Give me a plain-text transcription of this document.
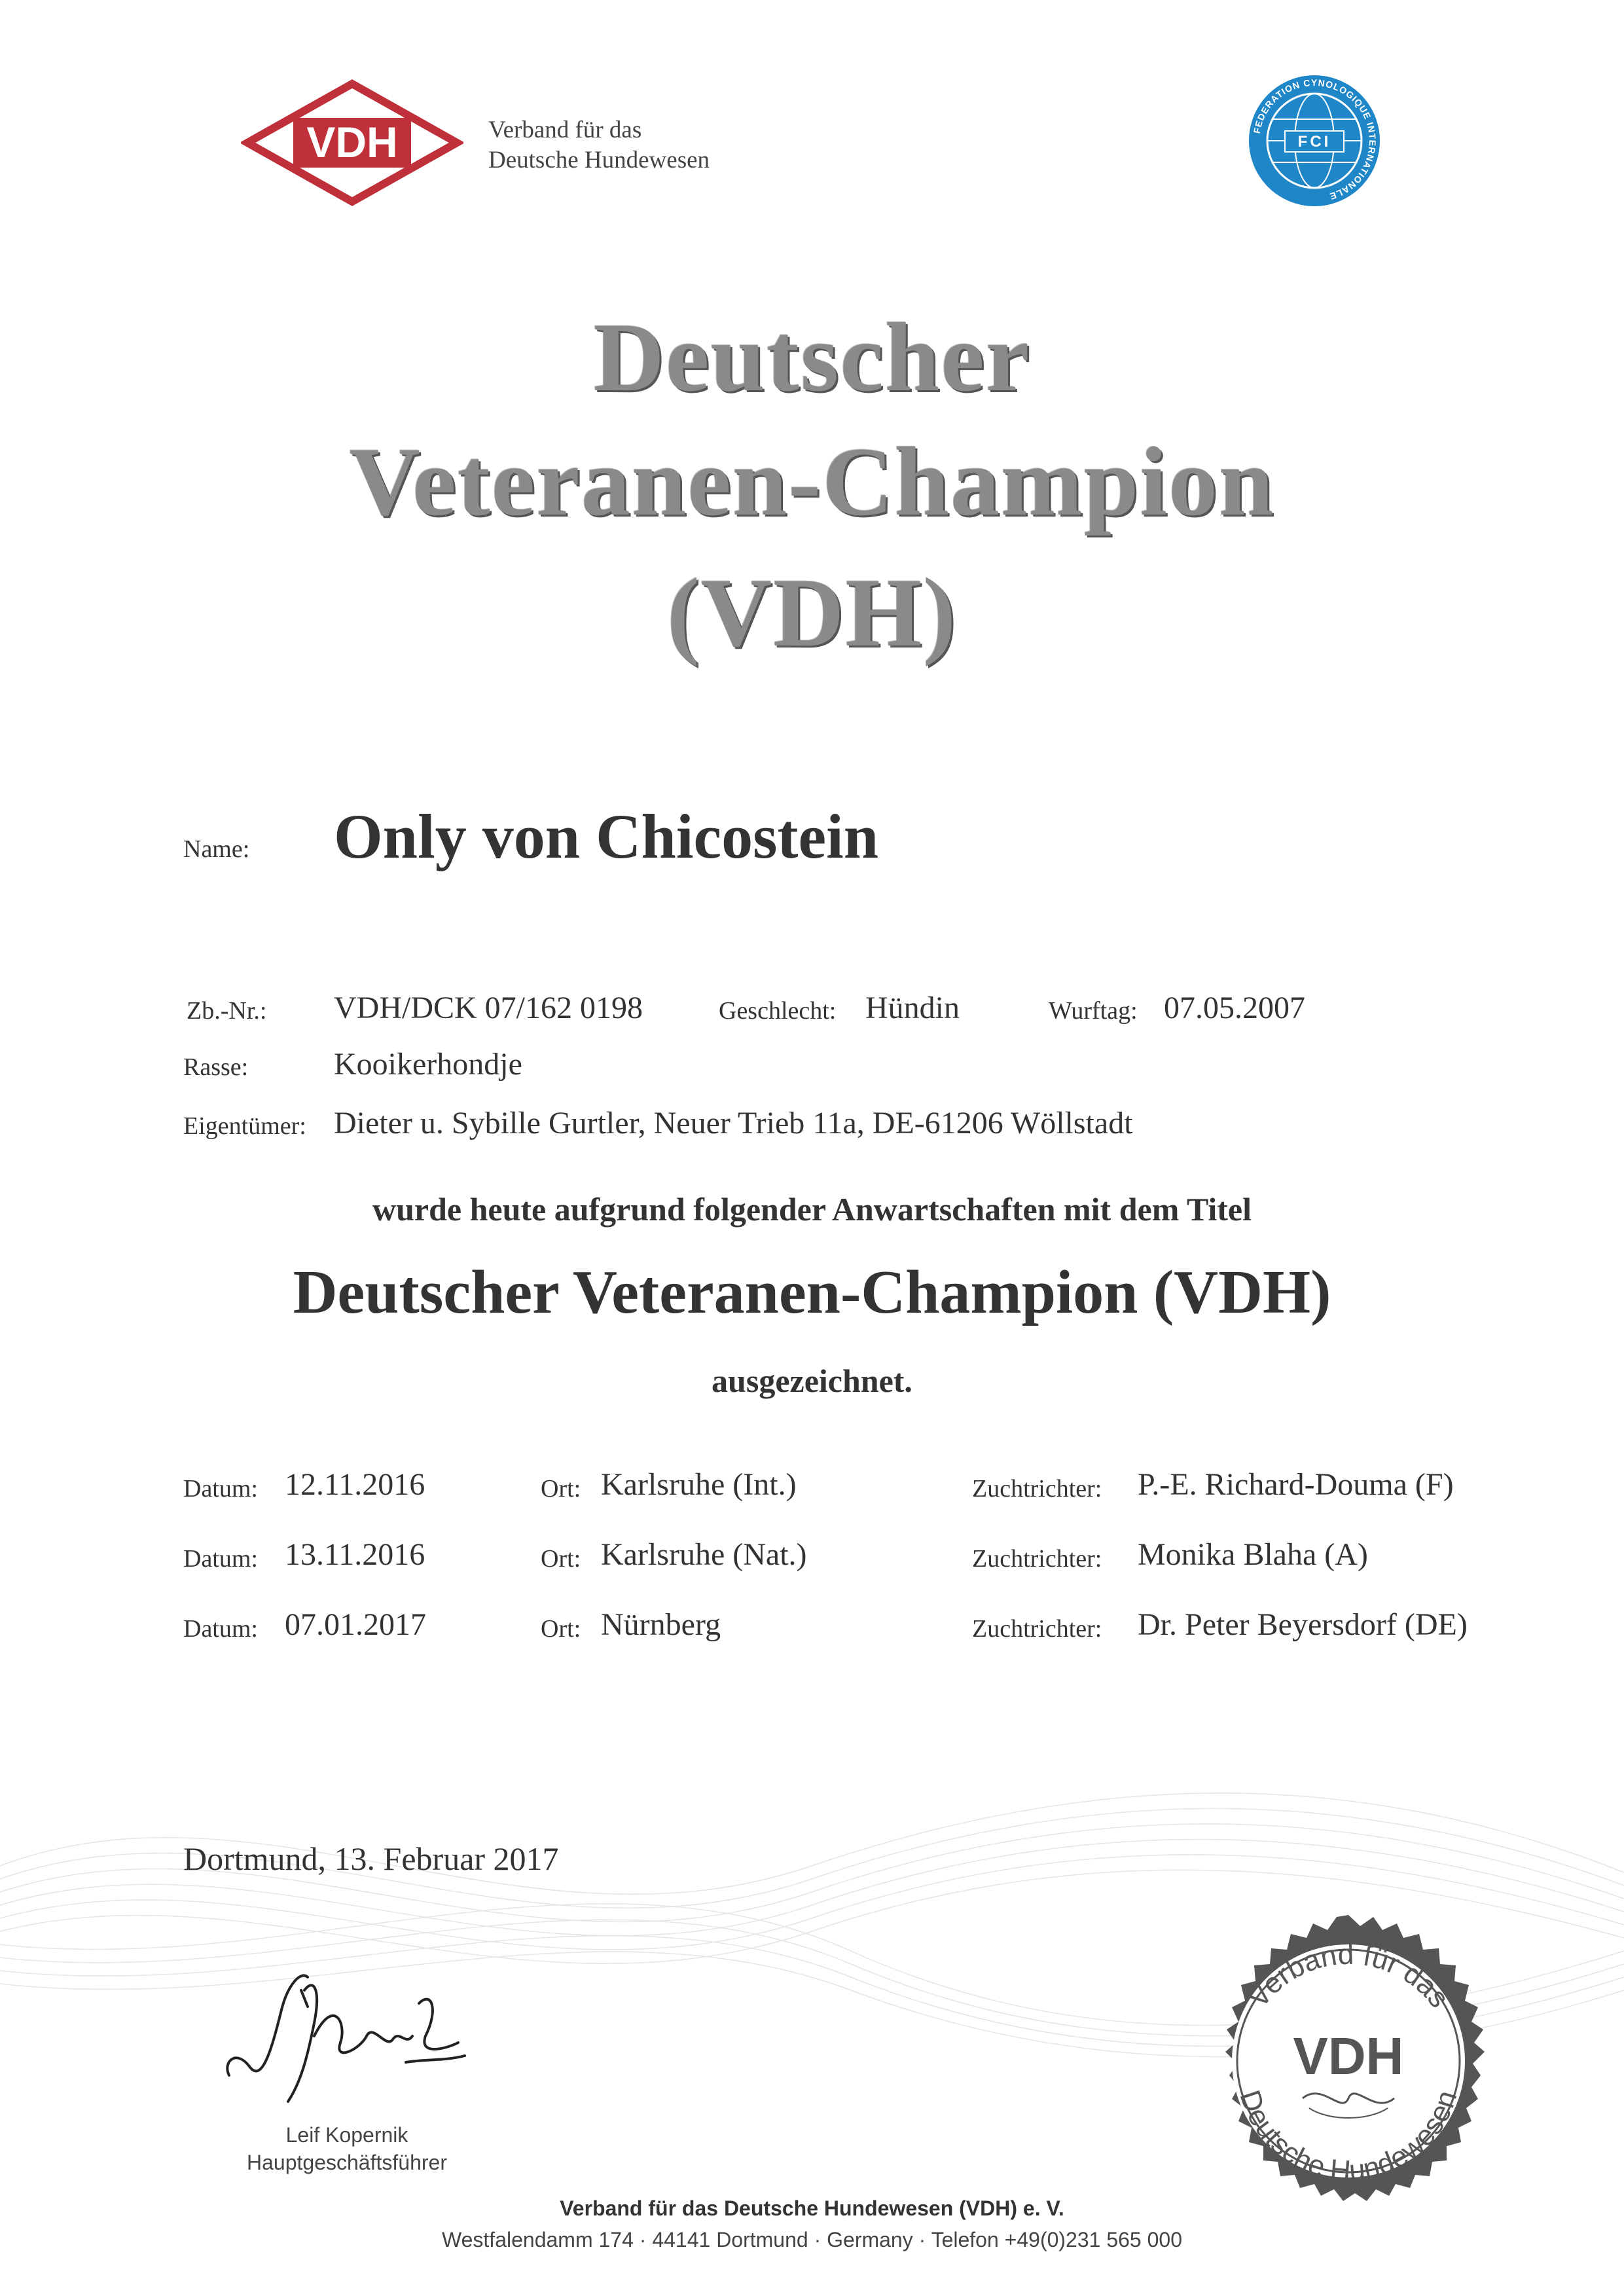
VDH	Verband für das
Deutsche Hundewesen
FCI
FEDERATION CYNOLOGIQUE INTERNATIONALE
Deutscher
Veteranen-Champion
(VDH)
Name: Only von Chicostein
Zb.-Nr.: VDH/DCK 07/162 0198	Geschlecht: Hündin	Wurftag: 07.05.2007
Rasse:	Kooikerhondje
Eigentümer: Dieter u. Sybille Gurtler, Neuer Trieb 11a, DE-61206 Wöllstadt
wurde heute aufgrund folgender Anwartschaften mit dem Titel
Deutscher Veteranen-Champion (VDH)
ausgezeichnet.
Datum: 12.11.2016	Ort: Karlsruhe (Int.)	Zuchtrichter: P.-E. Richard-Douma (F)
Datum: 13.11.2016	Ort: Karlsruhe (Nat.)	Zuchtrichter: Monika Blaha (A)
Datum: 07.01.2017	Ort: Nürnberg	Zuchtrichter: Dr. Peter Beyersdorf (DE)
Dortmund, 13. Februar 2017
Leif Kopernik
Hauptgeschäftsführer
Verband für das
VDH
Deutsche Hundewesen
Verband für das Deutsche Hundewesen (VDH) e. V.
Westfalendamm 174 · 44141 Dortmund · Germany · Telefon +49(0)231 565 000
